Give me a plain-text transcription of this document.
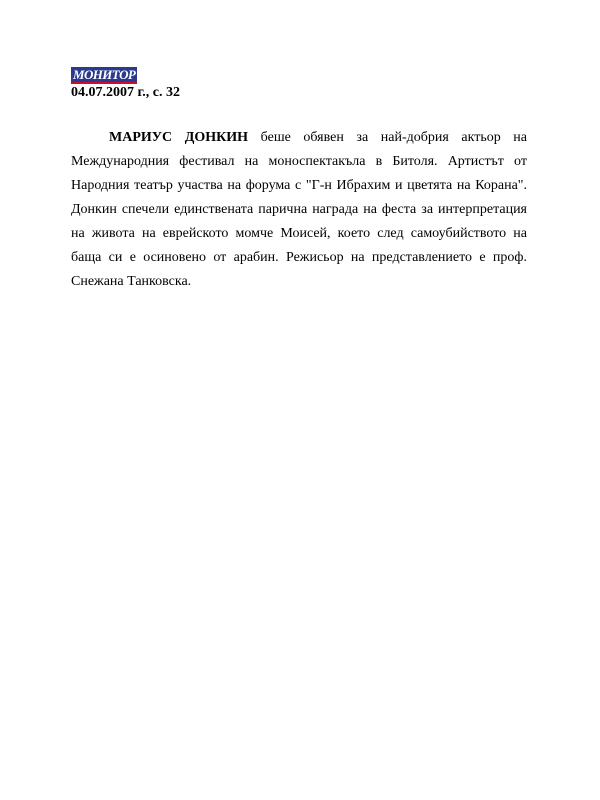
МОНИТОР
04.07.2007 г., с. 32

МАРИУС ДОНКИН беше обявен за най-добрия актьор на Международния фестивал на моноспектакъла в Битоля. Артистът от Народния театър участва на форума с "Г-н Ибрахим и цветята на Корана". Донкин спечели единствената парична награда на феста за интерпретация на живота на еврейското момче Моисей, което след самоубийството на баща си е осиновено от арабин. Режисьор на представлението е проф. Снежана Танковска.
